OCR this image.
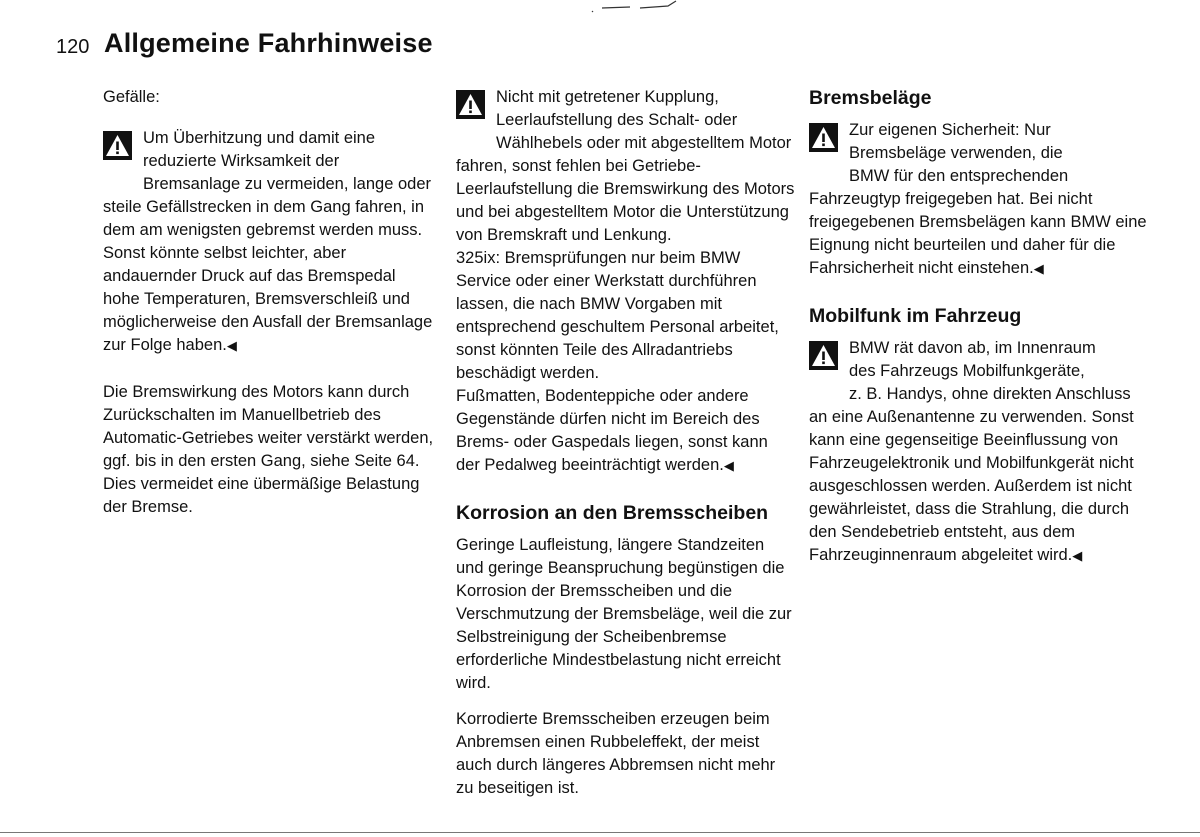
120 Allgemeine Fahrhinweise

Gefälle:

Um Überhitzung und damit eine
reduzierte Wirksamkeit der
Bremsanlage zu vermeiden, lange oder steile Gefällstrecken in dem Gang fahren, in dem am wenigsten gebremst werden muss. Sonst könnte selbst leichter, aber andauernder Druck auf das Bremspedal hohe Temperaturen, Bremsverschleiß und möglicherweise den Ausfall der Bremsanlage zur Folge haben.◀

Die Bremswirkung des Motors kann durch Zurückschalten im Manuellbetrieb des Automatic-Getriebes weiter verstärkt werden, ggf. bis in den ersten Gang, siehe Seite 64. Dies vermeidet eine übermäßige Belastung der Bremse.

Nicht mit getretener Kupplung,
Leerlaufstellung des Schalt- oder
Wählhebels oder mit abgestelltem Motor fahren, sonst fehlen bei Getriebe-Leerlaufstellung die Bremswirkung des Motors und bei abgestelltem Motor die Unterstützung von Bremskraft und Lenkung.

325ix: Bremsprüfungen nur beim BMW Service oder einer Werkstatt durchführen lassen, die nach BMW Vorgaben mit entsprechend geschultem Personal arbeitet, sonst könnten Teile des Allradantriebs beschädigt werden.

Fußmatten, Bodenteppiche oder andere Gegenstände dürfen nicht im Bereich des Brems- oder Gaspedals liegen, sonst kann der Pedalweg beeinträchtigt werden.◀

Korrosion an den Bremsscheiben

Geringe Laufleistung, längere Standzeiten und geringe Beanspruchung begünstigen die Korrosion der Bremsscheiben und die Verschmutzung der Bremsbeläge, weil die zur Selbstreinigung der Scheibenbremse erforderliche Mindestbelastung nicht erreicht wird.

Korrodierte Bremsscheiben erzeugen beim Anbremsen einen Rubbeleffekt, der meist auch durch längeres Abbremsen nicht mehr zu beseitigen ist.

Bremsbeläge

Zur eigenen Sicherheit: Nur
Bremsbeläge verwenden, die
BMW für den entsprechenden Fahrzeugtyp freigegeben hat. Bei nicht freigegebenen Bremsbelägen kann BMW eine Eignung nicht beurteilen und daher für die Fahrsicherheit nicht einstehen.◀

Mobilfunk im Fahrzeug

BMW rät davon ab, im Innenraum
des Fahrzeugs Mobilfunkgeräte,
z. B. Handys, ohne direkten Anschluss an eine Außenantenne zu verwenden. Sonst kann eine gegenseitige Beeinflussung von Fahrzeugelektronik und Mobilfunkgerät nicht ausgeschlossen werden. Außerdem ist nicht gewährleistet, dass die Strahlung, die durch den Sendebetrieb entsteht, aus dem Fahrzeuginnenraum abgeleitet wird.◀
